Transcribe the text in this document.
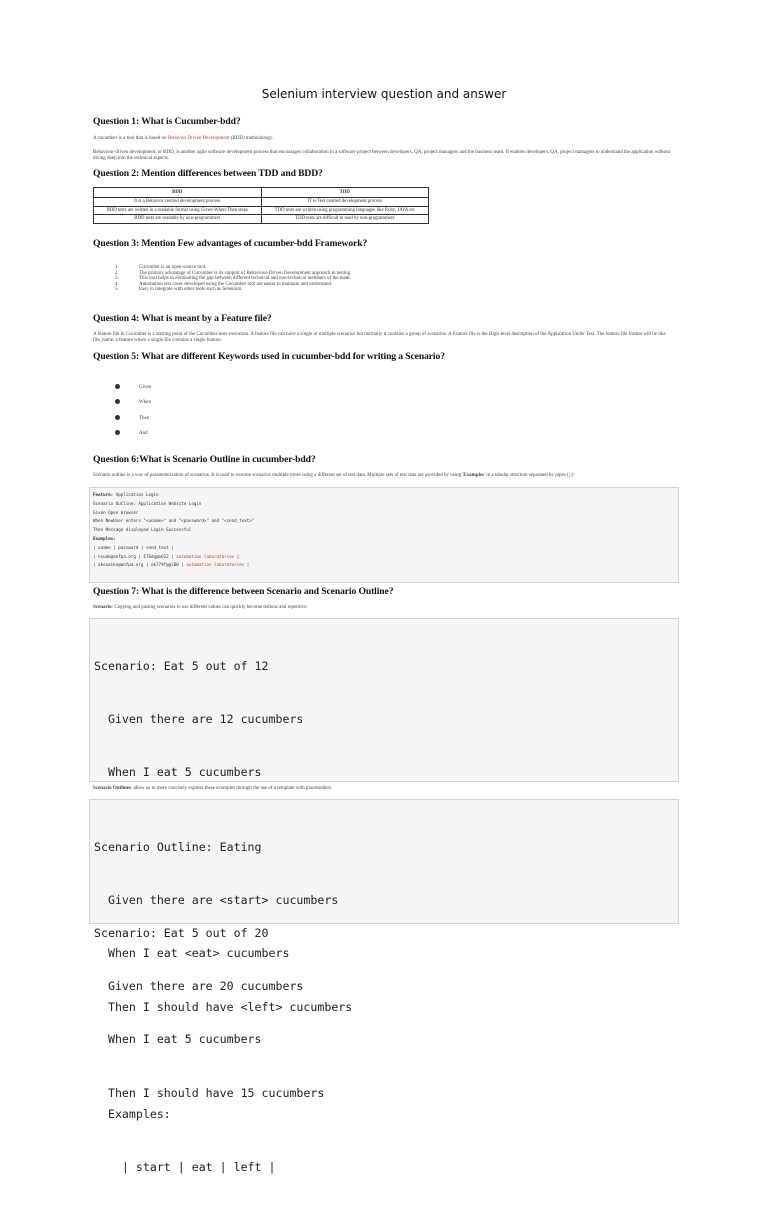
Selenium interview question and answer
Question 1: What is Cucumber-bdd?
A cucumber is a tool that is based on Behavior Driven Development (BDD) methodology.
Behaviour-driven development, or BDD, is another agile software development process that encourages collaboration in a software project between developers, QA, project managers and the business team. It enables developers, QA, project managers to understand the application without diving deep into the technical aspects.
Question 2: Mention differences between TDD and BDD?
BDD	TDD
It is a Behavior centred development process	IT is Test centred development process
BDD tests are written in a readable format using Given-When-Then steps	TDD tests are written using programming languages like Ruby, JAVA etc
BDD tests are readable by non-programmers	TDD tests are difficult to read by non-programmers
Question 3: Mention Few advantages of cucumber-bdd Framework?
1.	Cucumber is an open-source tool.
2.	The primary advantage of Cucumber is its support of Behaviour-Driven Development approach in testing.
3.	This tool helps in eliminating the gap between different technical and non-technical members of the team.
4.	Automation test cases developed using the Cucumber tool are easier to maintain and understand.
5.	Easy to integrate with other tools such as Selenium.
Question 4: What is meant by a Feature file?
A feature file in Cucumber is a starting point of the Cucumber tests execution. A feature file can have a single or multiple scenarios but normally it contains a group of scenarios. A Feature file is the High-level description of the Application Under Test. The feature file format will be like file_name. a feature where a single file contains a single feature.
Question 5: What are different Keywords used in cucumber-bdd for writing a Scenario?
Given
When
Then
And
Question 6:What is Scenario Outline in cucumber-bdd?
Scenario outline is a way of parameterization of scenarios. It is used to execute scenarios multiple times using a different set of test data. Multiple sets of test data are provided by using 'Examples' in a tabular structure separated by pipes (| |)
Feature: Application Login
Scenario Outline: Application Website Login
Given Open browser
When NewUser enters "<uname>" and "<password>" and "<send_text>"
Then Message displayed Login Successful
Examples:
| uname | password | send_text |
| nsude@anfpa.org | I76dg@o612 | automation laboratories |
| akouaiko@anfpa.org | ok779f@gi00 | automation laboratories |
Question 7: What is the difference between Scenario and Scenario Outline?
Scenario: Copying and pasting scenarios to use different values can quickly become tedious and repetitive:

Scenario: Eat 5 out of 12

Given there are 12 cucumbers

When I eat 5 cucumbers

Scenario: Eat 5 out of 20

Given there are 20 cucumbers

When I eat 5 cucumbers

Then I should have 15 cucumbers

Scenario Outlines: allow us to more concisely express these examples through the use of a template with placeholders

Scenario Outline: Eating

Given there are <start> cucumbers

When I eat <eat> cucumbers

Then I should have <left> cucumbers

Examples:

| start | eat | left |
